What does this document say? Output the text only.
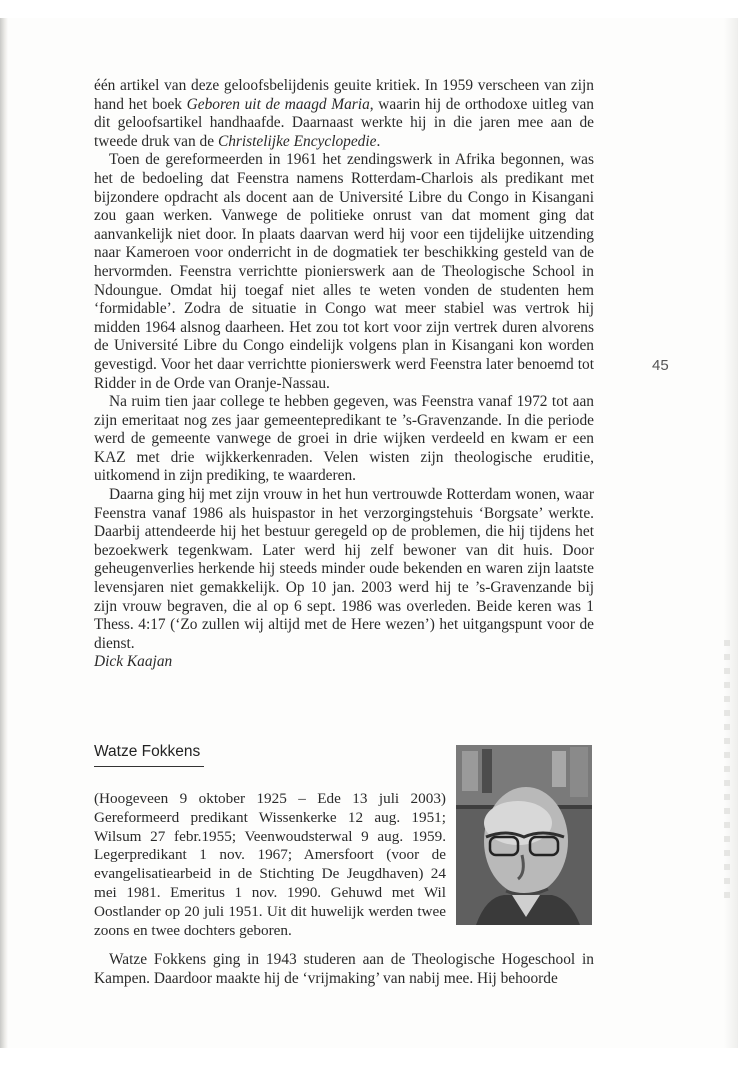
één artikel van deze geloofsbelijdenis geuite kritiek. In 1959 verscheen van zijn hand het boek Geboren uit de maagd Maria, waarin hij de orthodoxe uitleg van dit geloofsartikel handhaafde. Daarnaast werkte hij in die jaren mee aan de tweede druk van de Christelijke Encyclopedie.

Toen de gereformeerden in 1961 het zendingswerk in Afrika begonnen, was het de bedoeling dat Feenstra namens Rotterdam-Charlois als predikant met bijzondere opdracht als docent aan de Université Libre du Congo in Kisangani zou gaan werken. Vanwege de politieke onrust van dat moment ging dat aanvankelijk niet door. In plaats daarvan werd hij voor een tijdelijke uitzending naar Kameroen voor onderricht in de dogmatiek ter beschikking gesteld van de hervormden. Feenstra verrichtte pionierswerk aan de Theologische School in Ndoungue. Omdat hij toegaf niet alles te weten vonden de studenten hem ‘formidable’. Zodra de situatie in Congo wat meer stabiel was vertrok hij midden 1964 alsnog daarheen. Het zou tot kort voor zijn vertrek duren alvorens de Université Libre du Congo eindelijk volgens plan in Kisangani kon worden gevestigd. Voor het daar verrichtte pionierswerk werd Feenstra later benoemd tot Ridder in de Orde van Oranje-Nassau.

Na ruim tien jaar college te hebben gegeven, was Feenstra vanaf 1972 tot aan zijn emeritaat nog zes jaar gemeentepredikant te ’s-Gravenzande. In die periode werd de gemeente vanwege de groei in drie wijken verdeeld en kwam er een KAZ met drie wijkkerkenraden. Velen wisten zijn theologische eruditie, uitkomend in zijn prediking, te waarderen.

Daarna ging hij met zijn vrouw in het hun vertrouwde Rotterdam wonen, waar Feenstra vanaf 1986 als huispastor in het verzorgingstehuis ‘Borgsate’ werkte. Daarbij attendeerde hij het bestuur geregeld op de problemen, die hij tijdens het bezoekwerk tegenkwam. Later werd hij zelf bewoner van dit huis. Door geheugenverlies herkende hij steeds minder oude bekenden en waren zijn laatste levensjaren niet gemakkelijk. Op 10 jan. 2003 werd hij te ’s-Gravenzande bij zijn vrouw begraven, die al op 6 sept. 1986 was overleden. Beide keren was 1 Thess. 4:17 (‘Zo zullen wij altijd met de Here wezen’) het uitgangspunt voor de dienst.

Dick Kaajan

45
Watze Fokkens

(Hoogeveen 9 oktober 1925 – Ede 13 juli 2003) Gereformeerd predikant Wissenkerke 12 aug. 1951; Wilsum 27 febr.1955; Veenwoudsterwal 9 aug. 1959. Legerpredikant 1 nov. 1967; Amersfoort (voor de evangelisatiearbeid in de Stichting De Jeugdhaven) 24 mei 1981. Emeritus 1 nov. 1990. Gehuwd met Wil Oostlander op 20 juli 1951. Uit dit huwelijk werden twee zoons en twee dochters geboren.

Watze Fokkens ging in 1943 studeren aan de Theologische Hogeschool in Kampen. Daardoor maakte hij de ‘vrijmaking’ van nabij mee. Hij behoorde
